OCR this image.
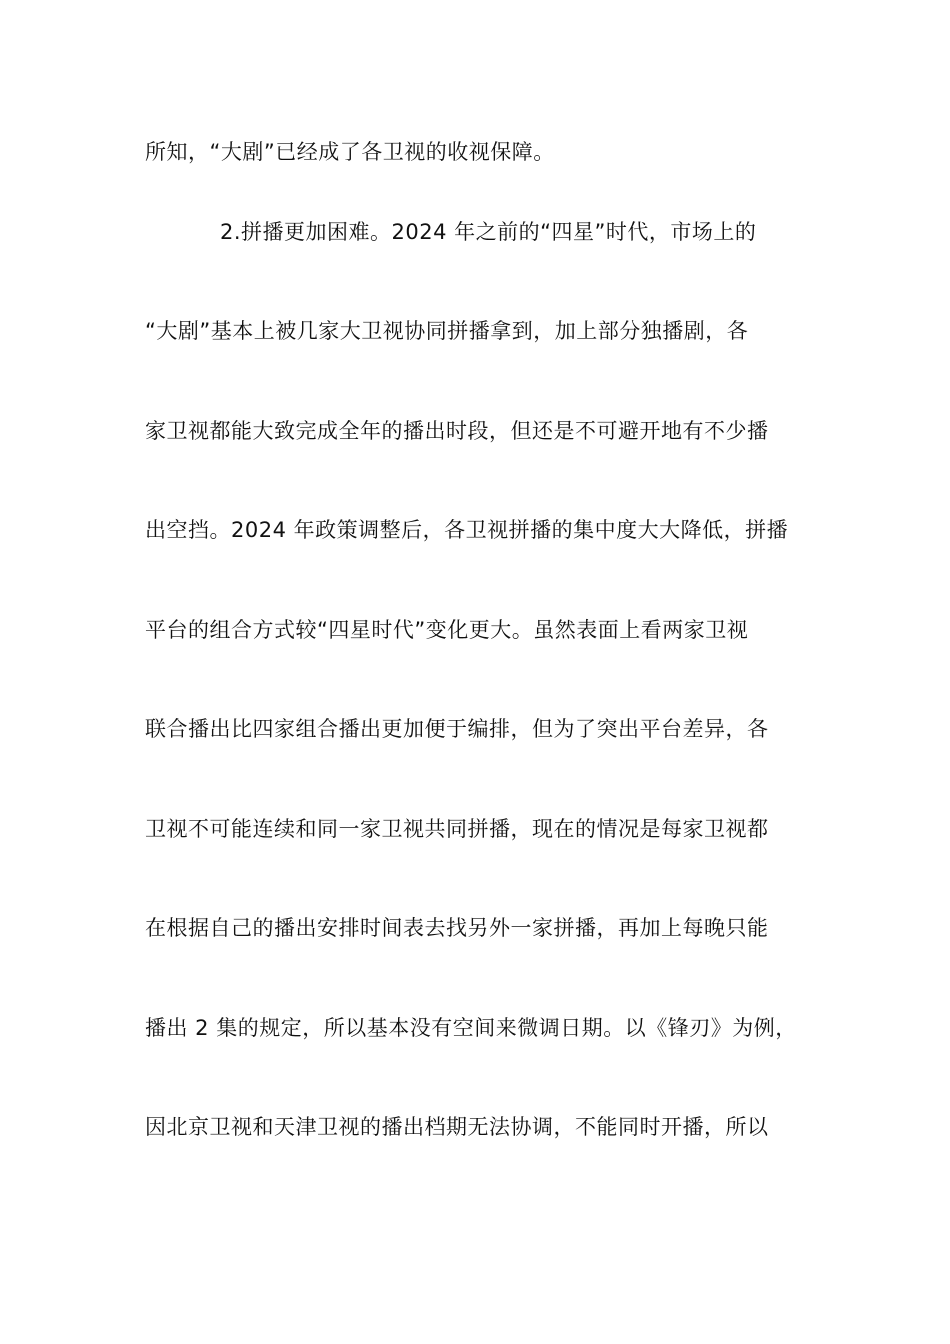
所知，“大剧”已经成了各卫视的收视保障。
2.拼播更加困难。2024 年之前的“四星”时代，市场上的
“大剧”基本上被几家大卫视协同拼播拿到，加上部分独播剧，各
家卫视都能大致完成全年的播出时段，但还是不可避开地有不少播
出空挡。2024 年政策调整后，各卫视拼播的集中度大大降低，拼播
平台的组合方式较“四星时代”变化更大。虽然表面上看两家卫视
联合播出比四家组合播出更加便于编排，但为了突出平台差异，各
卫视不可能连续和同一家卫视共同拼播，现在的情况是每家卫视都
在根据自己的播出安排时间表去找另外一家拼播，再加上每晚只能
播出 2 集的规定，所以基本没有空间来微调日期。以《锋刃》为例，
因北京卫视和天津卫视的播出档期无法协调，不能同时开播，所以
